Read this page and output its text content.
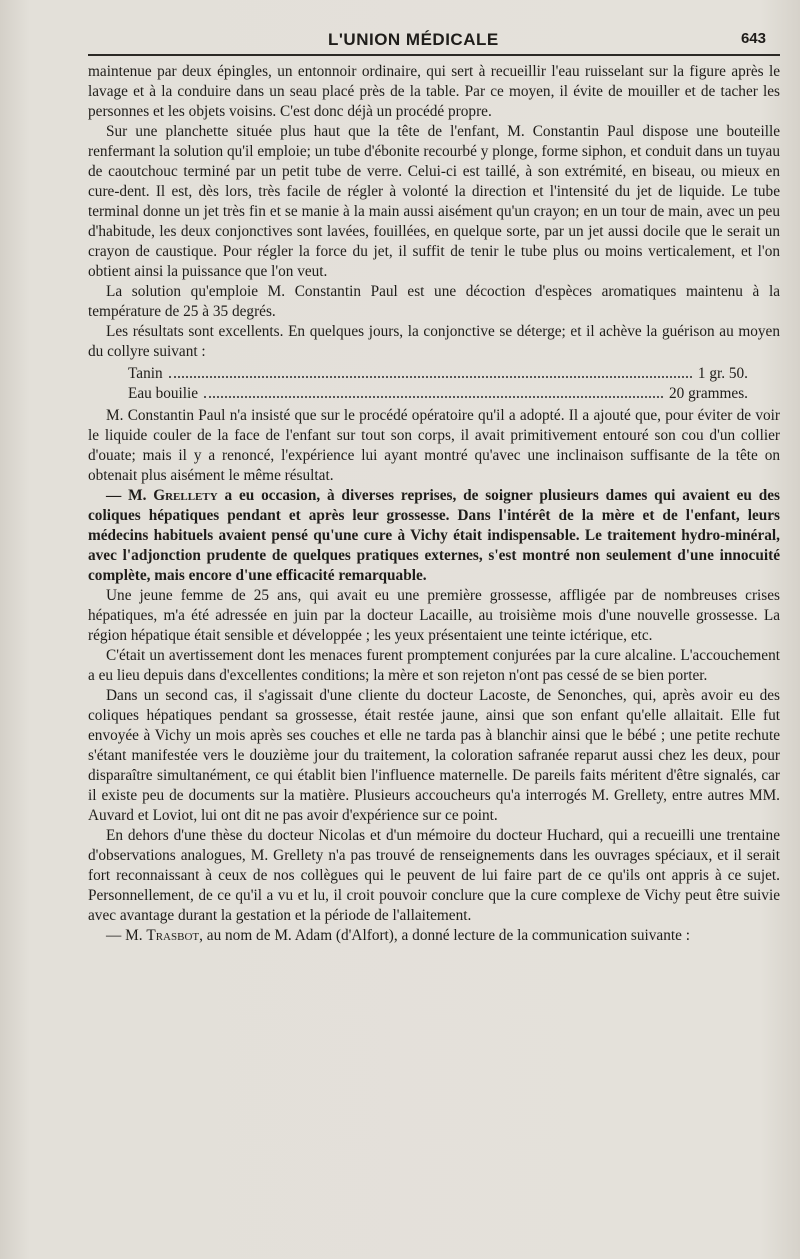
L'UNION MÉDICALE	643

maintenue par deux épingles, un entonnoir ordinaire, qui sert à recueillir l'eau ruisselant sur la figure après le lavage et à la conduire dans un seau placé près de la table. Par ce moyen, il évite de mouiller et de tacher les personnes et les objets voisins. C'est donc déjà un procédé propre.

Sur une planchette située plus haut que la tête de l'enfant, M. Constantin Paul dispose une bouteille renfermant la solution qu'il emploie; un tube d'ébonite recourbé y plonge, forme siphon, et conduit dans un tuyau de caoutchouc terminé par un petit tube de verre. Celui-ci est taillé, à son extrémité, en biseau, ou mieux en cure-dent. Il est, dès lors, très facile de régler à volonté la direction et l'intensité du jet de liquide. Le tube terminal donne un jet très fin et se manie à la main aussi aisément qu'un crayon; en un tour de main, avec un peu d'habitude, les deux conjonctives sont lavées, fouillées, en quelque sorte, par un jet aussi docile que le serait un crayon de caustique. Pour régler la force du jet, il suffit de tenir le tube plus ou moins verticalement, et l'on obtient ainsi la puissance que l'on veut.

La solution qu'emploie M. Constantin Paul est une décoction d'espèces aromatiques maintenu à la température de 25 à 35 degrés.

Les résultats sont excellents. En quelques jours, la conjonctive se déterge; et il achève la guérison au moyen du collyre suivant :

Tanin	1 gr. 50.
Eau bouilie	20 grammes.

M. Constantin Paul n'a insisté que sur le procédé opératoire qu'il a adopté. Il a ajouté que, pour éviter de voir le liquide couler de la face de l'enfant sur tout son corps, il avait primitivement entouré son cou d'un collier d'ouate; mais il y a renoncé, l'expérience lui ayant montré qu'avec une inclinaison suffisante de la tête on obtenait plus aisément le même résultat.

— M. Grellety a eu occasion, à diverses reprises, de soigner plusieurs dames qui avaient eu des coliques hépatiques pendant et après leur grossesse. Dans l'intérêt de la mère et de l'enfant, leurs médecins habituels avaient pensé qu'une cure à Vichy était indispensable. Le traitement hydro-minéral, avec l'adjonction prudente de quelques pratiques externes, s'est montré non seulement d'une innocuité complète, mais encore d'une efficacité remarquable.

Une jeune femme de 25 ans, qui avait eu une première grossesse, affligée par de nombreuses crises hépatiques, m'a été adressée en juin par la docteur Lacaille, au troisième mois d'une nouvelle grossesse. La région hépatique était sensible et développée ; les yeux présentaient une teinte ictérique, etc.

C'était un avertissement dont les menaces furent promptement conjurées par la cure alcaline. L'accouchement a eu lieu depuis dans d'excellentes conditions; la mère et son rejeton n'ont pas cessé de se bien porter.

Dans un second cas, il s'agissait d'une cliente du docteur Lacoste, de Senonches, qui, après avoir eu des coliques hépatiques pendant sa grossesse, était restée jaune, ainsi que son enfant qu'elle allaitait. Elle fut envoyée à Vichy un mois après ses couches et elle ne tarda pas à blanchir ainsi que le bébé ; une petite rechute s'étant manifestée vers le douzième jour du traitement, la coloration safranée reparut aussi chez les deux, pour disparaître simultanément, ce qui établit bien l'influence maternelle. De pareils faits méritent d'être signalés, car il existe peu de documents sur la matière. Plusieurs accoucheurs qu'a interrogés M. Grellety, entre autres MM. Auvard et Loviot, lui ont dit ne pas avoir d'expérience sur ce point.

En dehors d'une thèse du docteur Nicolas et d'un mémoire du docteur Huchard, qui a recueilli une trentaine d'observations analogues, M. Grellety n'a pas trouvé de renseignements dans les ouvrages spéciaux, et il serait fort reconnaissant à ceux de nos collègues qui le peuvent de lui faire part de ce qu'ils ont appris à ce sujet. Personnellement, de ce qu'il a vu et lu, il croit pouvoir conclure que la cure complexe de Vichy peut être suivie avec avantage durant la gestation et la période de l'allaitement.

— M. Trasbot, au nom de M. Adam (d'Alfort), a donné lecture de la communication suivante :
